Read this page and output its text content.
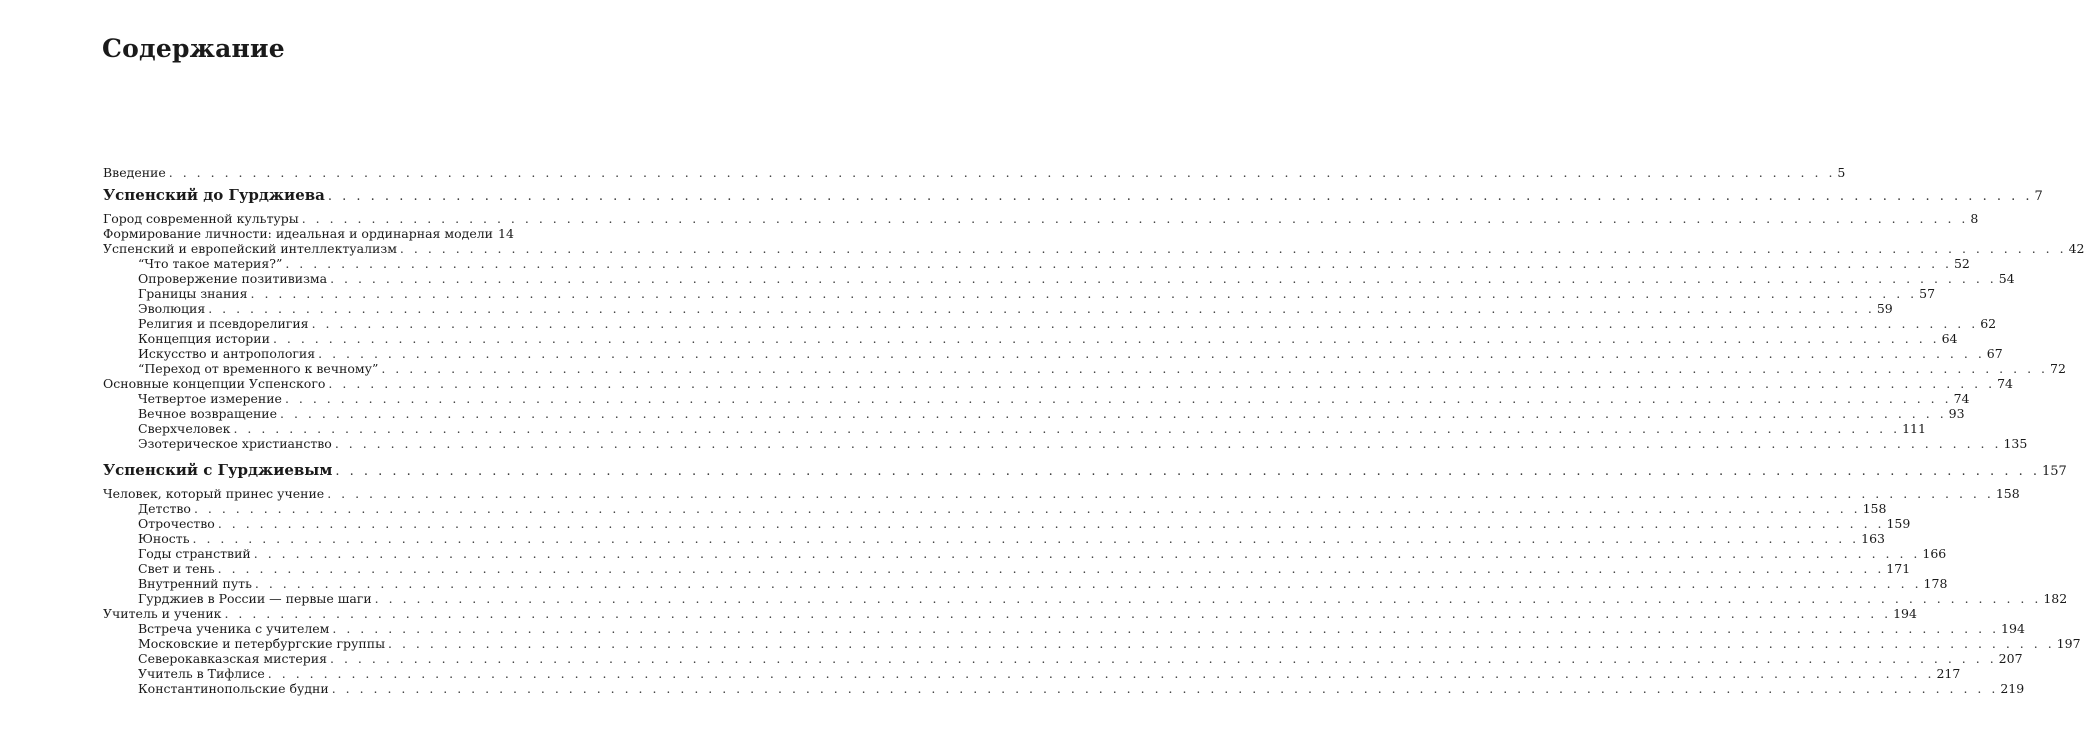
Содержание
Введение . . . . . . . . . . . . . . . . . . . . . . . . . . . . . . . . . . . . . . . . . . . . . . . . . . . . . . . . . . . . . . . . . . . . . . . . . . . . . . . . . . . . . . . . . . . . . . . . . . . . . . . . . . . . . . . . . . . . . . . . 5
Успенский до Гурджиева . . . . . . . . . . . . . . . . . . . . . . . . . . . . . . . . . . . . . . . . . . . . . . . . . . . . . . . . . . . . . . . . . . . . . . . . . . . . . . . . . . . . . . . . . . . . . . . . . . . . . . . . . . . . . . . . . . . . . . . . 7
Город современной культуры . . . . . . . . . . . . . . . . . . . . . . . . . . . . . . . . . . . . . . . . . . . . . . . . . . . . . . . . . . . . . . . . . . . . . . . . . . . . . . . . . . . . . . . . . . . . . . . . . . . . . . . . . . . . . . . . . . . . . . . . 8
Формирование личности: идеальная и ординарная модели 14
Успенский и европейский интеллектуализм . . . . . . . . . . . . . . . . . . . . . . . . . . . . . . . . . . . . . . . . . . . . . . . . . . . . . . . . . . . . . . . . . . . . . . . . . . . . . . . . . . . . . . . . . . . . . . . . . . . . . . . . . . . . . . . . . . . . . . . . 42
“Что такое материя?” . . . . . . . . . . . . . . . . . . . . . . . . . . . . . . . . . . . . . . . . . . . . . . . . . . . . . . . . . . . . . . . . . . . . . . . . . . . . . . . . . . . . . . . . . . . . . . . . . . . . . . . . . . . . . . . . . . . . . . . . 52
Опровержение позитивизма . . . . . . . . . . . . . . . . . . . . . . . . . . . . . . . . . . . . . . . . . . . . . . . . . . . . . . . . . . . . . . . . . . . . . . . . . . . . . . . . . . . . . . . . . . . . . . . . . . . . . . . . . . . . . . . . . . . . . . . . 54
Границы знания . . . . . . . . . . . . . . . . . . . . . . . . . . . . . . . . . . . . . . . . . . . . . . . . . . . . . . . . . . . . . . . . . . . . . . . . . . . . . . . . . . . . . . . . . . . . . . . . . . . . . . . . . . . . . . . . . . . . . . . . 57
Эволюция . . . . . . . . . . . . . . . . . . . . . . . . . . . . . . . . . . . . . . . . . . . . . . . . . . . . . . . . . . . . . . . . . . . . . . . . . . . . . . . . . . . . . . . . . . . . . . . . . . . . . . . . . . . . . . . . . . . . . . . . 59
Религия и псевдорелигия . . . . . . . . . . . . . . . . . . . . . . . . . . . . . . . . . . . . . . . . . . . . . . . . . . . . . . . . . . . . . . . . . . . . . . . . . . . . . . . . . . . . . . . . . . . . . . . . . . . . . . . . . . . . . . . . . . . . . . . . 62
Концепция истории . . . . . . . . . . . . . . . . . . . . . . . . . . . . . . . . . . . . . . . . . . . . . . . . . . . . . . . . . . . . . . . . . . . . . . . . . . . . . . . . . . . . . . . . . . . . . . . . . . . . . . . . . . . . . . . . . . . . . . . . 64
Искусство и антропология . . . . . . . . . . . . . . . . . . . . . . . . . . . . . . . . . . . . . . . . . . . . . . . . . . . . . . . . . . . . . . . . . . . . . . . . . . . . . . . . . . . . . . . . . . . . . . . . . . . . . . . . . . . . . . . . . . . . . . . . 67
“Переход от временного к вечному” . . . . . . . . . . . . . . . . . . . . . . . . . . . . . . . . . . . . . . . . . . . . . . . . . . . . . . . . . . . . . . . . . . . . . . . . . . . . . . . . . . . . . . . . . . . . . . . . . . . . . . . . . . . . . . . . . . . . . . . . 72
Основные концепции Успенского . . . . . . . . . . . . . . . . . . . . . . . . . . . . . . . . . . . . . . . . . . . . . . . . . . . . . . . . . . . . . . . . . . . . . . . . . . . . . . . . . . . . . . . . . . . . . . . . . . . . . . . . . . . . . . . . . . . . . . . . 74
Четвертое измерение . . . . . . . . . . . . . . . . . . . . . . . . . . . . . . . . . . . . . . . . . . . . . . . . . . . . . . . . . . . . . . . . . . . . . . . . . . . . . . . . . . . . . . . . . . . . . . . . . . . . . . . . . . . . . . . . . . . . . . . . 74
Вечное возвращение . . . . . . . . . . . . . . . . . . . . . . . . . . . . . . . . . . . . . . . . . . . . . . . . . . . . . . . . . . . . . . . . . . . . . . . . . . . . . . . . . . . . . . . . . . . . . . . . . . . . . . . . . . . . . . . . . . . . . . . . 93
Сверхчеловек . . . . . . . . . . . . . . . . . . . . . . . . . . . . . . . . . . . . . . . . . . . . . . . . . . . . . . . . . . . . . . . . . . . . . . . . . . . . . . . . . . . . . . . . . . . . . . . . . . . . . . . . . . . . . . . . . . . . . . . . 111
Эзотерическое христианство . . . . . . . . . . . . . . . . . . . . . . . . . . . . . . . . . . . . . . . . . . . . . . . . . . . . . . . . . . . . . . . . . . . . . . . . . . . . . . . . . . . . . . . . . . . . . . . . . . . . . . . . . . . . . . . . . . . . . . . . 135
Успенский с Гурджиевым . . . . . . . . . . . . . . . . . . . . . . . . . . . . . . . . . . . . . . . . . . . . . . . . . . . . . . . . . . . . . . . . . . . . . . . . . . . . . . . . . . . . . . . . . . . . . . . . . . . . . . . . . . . . . . . . . . . . . . . . 157
Человек, который принес учение . . . . . . . . . . . . . . . . . . . . . . . . . . . . . . . . . . . . . . . . . . . . . . . . . . . . . . . . . . . . . . . . . . . . . . . . . . . . . . . . . . . . . . . . . . . . . . . . . . . . . . . . . . . . . . . . . . . . . . . . 158
Детство . . . . . . . . . . . . . . . . . . . . . . . . . . . . . . . . . . . . . . . . . . . . . . . . . . . . . . . . . . . . . . . . . . . . . . . . . . . . . . . . . . . . . . . . . . . . . . . . . . . . . . . . . . . . . . . . . . . . . . . . 158
Отрочество . . . . . . . . . . . . . . . . . . . . . . . . . . . . . . . . . . . . . . . . . . . . . . . . . . . . . . . . . . . . . . . . . . . . . . . . . . . . . . . . . . . . . . . . . . . . . . . . . . . . . . . . . . . . . . . . . . . . . . . . 159
Юность . . . . . . . . . . . . . . . . . . . . . . . . . . . . . . . . . . . . . . . . . . . . . . . . . . . . . . . . . . . . . . . . . . . . . . . . . . . . . . . . . . . . . . . . . . . . . . . . . . . . . . . . . . . . . . . . . . . . . . . . 163
Годы странствий . . . . . . . . . . . . . . . . . . . . . . . . . . . . . . . . . . . . . . . . . . . . . . . . . . . . . . . . . . . . . . . . . . . . . . . . . . . . . . . . . . . . . . . . . . . . . . . . . . . . . . . . . . . . . . . . . . . . . . . . 166
Свет и тень . . . . . . . . . . . . . . . . . . . . . . . . . . . . . . . . . . . . . . . . . . . . . . . . . . . . . . . . . . . . . . . . . . . . . . . . . . . . . . . . . . . . . . . . . . . . . . . . . . . . . . . . . . . . . . . . . . . . . . . . 171
Внутренний путь . . . . . . . . . . . . . . . . . . . . . . . . . . . . . . . . . . . . . . . . . . . . . . . . . . . . . . . . . . . . . . . . . . . . . . . . . . . . . . . . . . . . . . . . . . . . . . . . . . . . . . . . . . . . . . . . . . . . . . . . 178
Гурджиев в России — первые шаги . . . . . . . . . . . . . . . . . . . . . . . . . . . . . . . . . . . . . . . . . . . . . . . . . . . . . . . . . . . . . . . . . . . . . . . . . . . . . . . . . . . . . . . . . . . . . . . . . . . . . . . . . . . . . . . . . . . . . . . . 182
Учитель и ученик . . . . . . . . . . . . . . . . . . . . . . . . . . . . . . . . . . . . . . . . . . . . . . . . . . . . . . . . . . . . . . . . . . . . . . . . . . . . . . . . . . . . . . . . . . . . . . . . . . . . . . . . . . . . . . . . . . . . . . . . 194
Встреча ученика с учителем . . . . . . . . . . . . . . . . . . . . . . . . . . . . . . . . . . . . . . . . . . . . . . . . . . . . . . . . . . . . . . . . . . . . . . . . . . . . . . . . . . . . . . . . . . . . . . . . . . . . . . . . . . . . . . . . . . . . . . . . 194
Московские и петербургские группы . . . . . . . . . . . . . . . . . . . . . . . . . . . . . . . . . . . . . . . . . . . . . . . . . . . . . . . . . . . . . . . . . . . . . . . . . . . . . . . . . . . . . . . . . . . . . . . . . . . . . . . . . . . . . . . . . . . . . . . . 197
Северокавказская мистерия . . . . . . . . . . . . . . . . . . . . . . . . . . . . . . . . . . . . . . . . . . . . . . . . . . . . . . . . . . . . . . . . . . . . . . . . . . . . . . . . . . . . . . . . . . . . . . . . . . . . . . . . . . . . . . . . . . . . . . . . 207
Учитель в Тифлисе . . . . . . . . . . . . . . . . . . . . . . . . . . . . . . . . . . . . . . . . . . . . . . . . . . . . . . . . . . . . . . . . . . . . . . . . . . . . . . . . . . . . . . . . . . . . . . . . . . . . . . . . . . . . . . . . . . . . . . . . 217
Константинопольские будни . . . . . . . . . . . . . . . . . . . . . . . . . . . . . . . . . . . . . . . . . . . . . . . . . . . . . . . . . . . . . . . . . . . . . . . . . . . . . . . . . . . . . . . . . . . . . . . . . . . . . . . . . . . . . . . . . . . . . . . . 219
